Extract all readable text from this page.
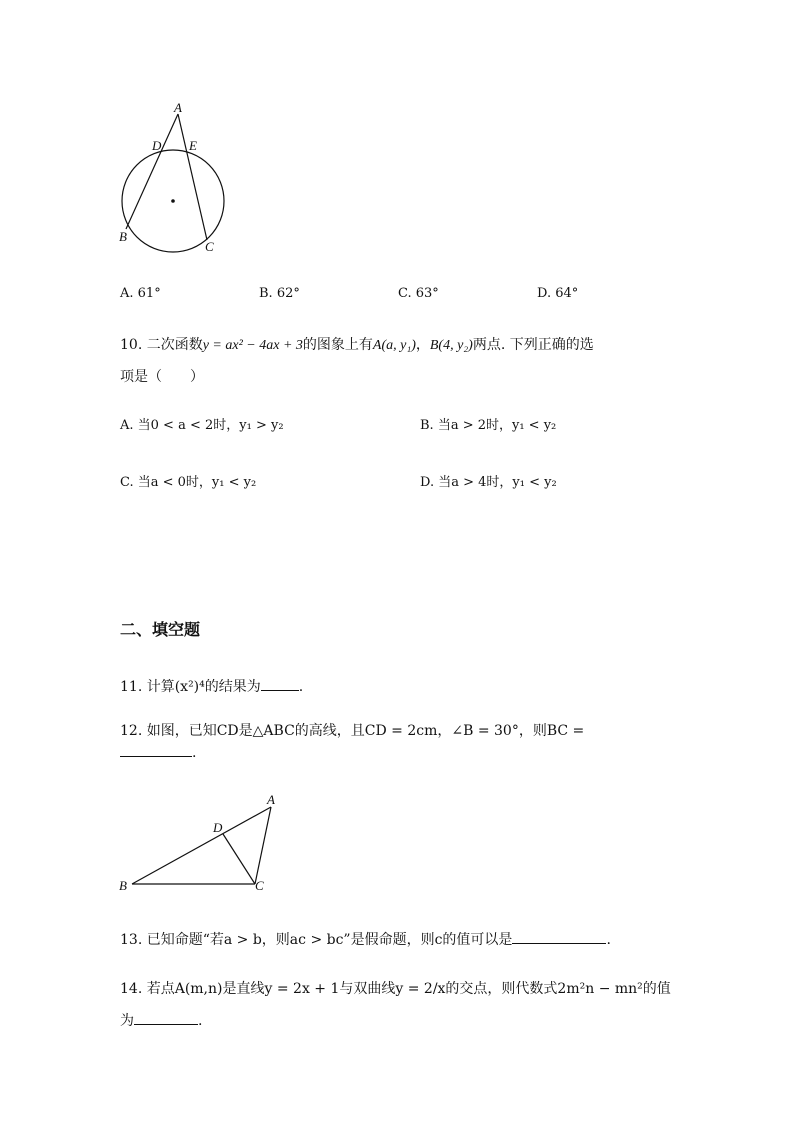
A
D E
B
C
A. 61°	B. 62°	C. 63°	D. 64°
10. 二次函数y = ax² − 4ax + 3的图象上有A(a, y₁)，B(4, y₂)两点. 下列正确的选
项是（　　）
A. 当0 < a < 2时，y₁ > y₂	B. 当a > 2时，y₁ < y₂
C. 当a < 0时，y₁ < y₂	D. 当a > 4时，y₁ < y₂
二、填空题
11. 计算(x²)⁴的结果为	.
12. 如图，已知CD是△ABC的高线，且CD = 2cm，∠B = 30°，则BC =
.
A
D
B	C
13. 已知命题“若a > b，则ac > bc”是假命题，则c的值可以是	.
14. 若点A(m,n)是直线y = 2x + 1与双曲线y = 2/x的交点，则代数式2m²n − mn²的值
为	.
